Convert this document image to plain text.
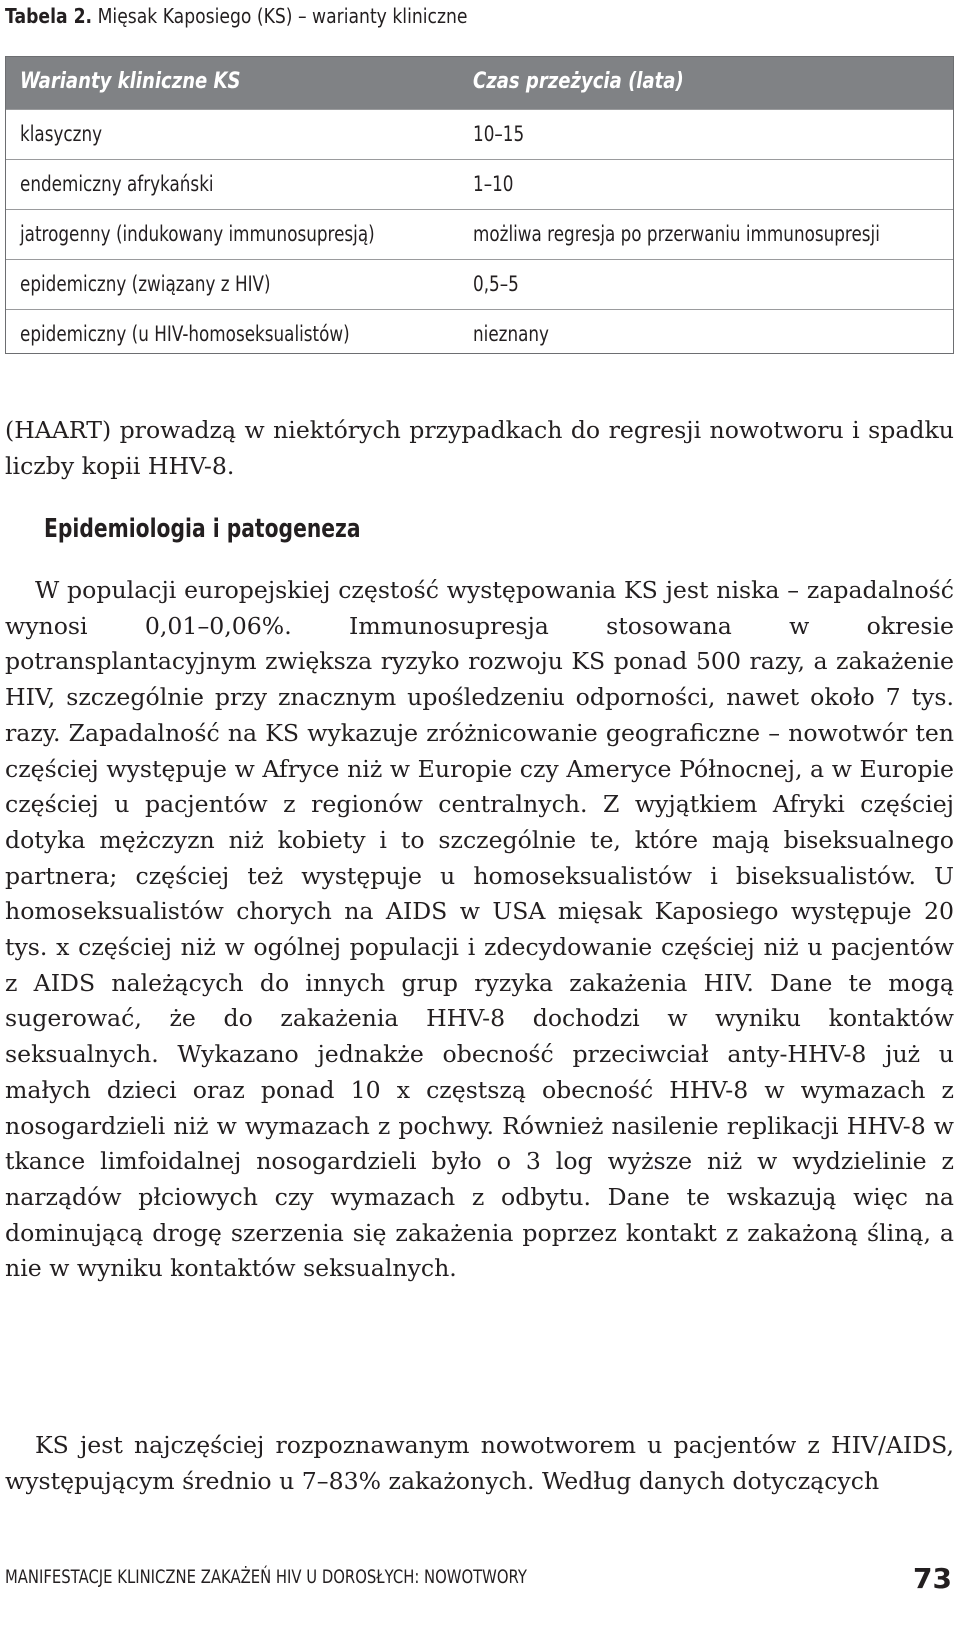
Tabela 2. Mięsak Kaposiego (KS) – warianty kliniczne
Warianty kliniczne KS	Czas przeżycia (lata)
klasyczny	10–15
endemiczny afrykański	1–10
jatrogenny (indukowany immunosupresją)	możliwa regresja po przerwaniu immunosupresji
epidemiczny (związany z HIV)	0,5–5
epidemiczny (u HIV-homoseksualistów)	nieznany

(HAART) prowadzą w niektórych przypadkach do regresji nowotworu i spadku liczby kopii HHV-8.

Epidemiologia i patogeneza

W populacji europejskiej częstość występowania KS jest niska – zapadalność wynosi 0,01–0,06%. Immunosupresja stosowana w okresie potransplantacyjnym zwiększa ryzyko rozwoju KS ponad 500 razy, a zakażenie HIV, szczególnie przy znacznym upośledzeniu odporności, nawet około 7 tys. razy. Zapadalność na KS wykazuje zróżnicowanie geograficzne – nowotwór ten częściej występuje w Afryce niż w Europie czy Ameryce Północnej, a w Europie częściej u pacjentów z regionów centralnych. Z wyjątkiem Afryki częściej dotyka mężczyzn niż kobiety i to szczególnie te, które mają biseksualnego partnera; częściej też występuje u homoseksualistów i biseksualistów. U homoseksualistów chorych na AIDS w USA mięsak Kaposiego występuje 20 tys. x częściej niż w ogólnej populacji i zdecydowanie częściej niż u pacjentów z AIDS należących do innych grup ryzyka zakażenia HIV. Dane te mogą sugerować, że do zakażenia HHV-8 dochodzi w wyniku kontaktów seksualnych. Wykazano jednakże obecność przeciwciał anty-HHV-8 już u małych dzieci oraz ponad 10 x częstszą obecność HHV-8 w wymazach z nosogardzieli niż w wymazach z pochwy. Również nasilenie replikacji HHV-8 w tkance limfoidalnej nosogardzieli było o 3 log wyższe niż w wydzielinie z narządów płciowych czy wymazach z odbytu. Dane te wskazują więc na dominującą drogę szerzenia się zakażenia poprzez kontakt z zakażoną śliną, a nie w wyniku kontaktów seksualnych.

KS jest najczęściej rozpoznawanym nowotworem u pacjentów z HIV/AIDS, występującym średnio u 7–83% zakażonych. Według danych dotyczących

MANIFESTACJE KLINICZNE ZAKAŻEŃ HIV U DOROSŁYCH: NOWOTWORY	73
